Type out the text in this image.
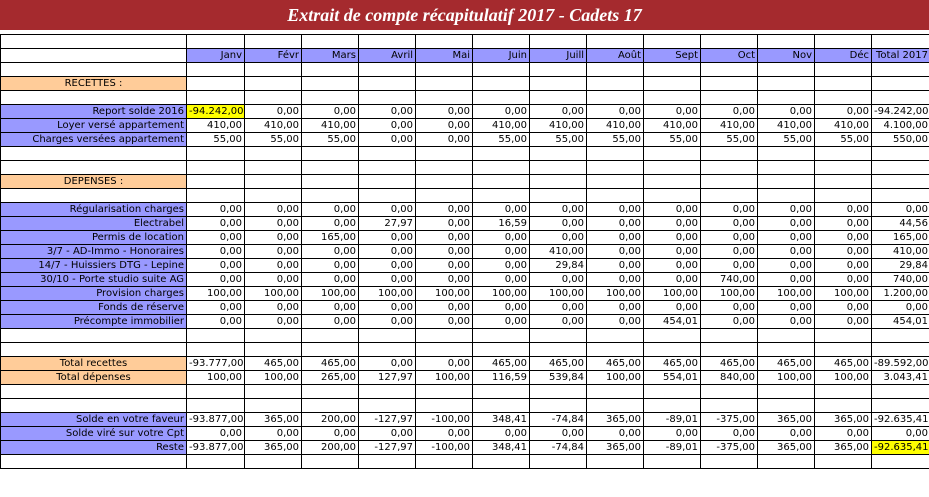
Extrait de compte récapitulatif 2017 - Cadets 17

	Janv	Févr	Mars	Avril	Mai	Juin	Juill	Août	Sept	Oct	Nov	Déc	Total 2017

RECETTES :													

Report solde 2016	-94.242,00	0,00	0,00	0,00	0,00	0,00	0,00	0,00	0,00	0,00	0,00	0,00	-94.242,00
Loyer versé appartement	410,00	410,00	410,00	0,00	0,00	410,00	410,00	410,00	410,00	410,00	410,00	410,00	4.100,00
Charges versées appartement	55,00	55,00	55,00	0,00	0,00	55,00	55,00	55,00	55,00	55,00	55,00	55,00	550,00

DEPENSES :													

Régularisation charges	0,00	0,00	0,00	0,00	0,00	0,00	0,00	0,00	0,00	0,00	0,00	0,00	0,00
Electrabel	0,00	0,00	0,00	27,97	0,00	16,59	0,00	0,00	0,00	0,00	0,00	0,00	44,56
Permis de location	0,00	0,00	165,00	0,00	0,00	0,00	0,00	0,00	0,00	0,00	0,00	0,00	165,00
3/7 - AD-Immo - Honoraires	0,00	0,00	0,00	0,00	0,00	0,00	410,00	0,00	0,00	0,00	0,00	0,00	410,00
14/7 - Huissiers DTG - Lepine	0,00	0,00	0,00	0,00	0,00	0,00	29,84	0,00	0,00	0,00	0,00	0,00	29,84
30/10 - Porte studio suite AG	0,00	0,00	0,00	0,00	0,00	0,00	0,00	0,00	0,00	740,00	0,00	0,00	740,00
Provision charges	100,00	100,00	100,00	100,00	100,00	100,00	100,00	100,00	100,00	100,00	100,00	100,00	1.200,00
Fonds de réserve	0,00	0,00	0,00	0,00	0,00	0,00	0,00	0,00	0,00	0,00	0,00	0,00	0,00
Précompte immobilier	0,00	0,00	0,00	0,00	0,00	0,00	0,00	0,00	454,01	0,00	0,00	0,00	454,01

Total recettes	-93.777,00	465,00	465,00	0,00	0,00	465,00	465,00	465,00	465,00	465,00	465,00	465,00	-89.592,00
Total dépenses	100,00	100,00	265,00	127,97	100,00	116,59	539,84	100,00	554,01	840,00	100,00	100,00	3.043,41

Solde en votre faveur	-93.877,00	365,00	200,00	-127,97	-100,00	348,41	-74,84	365,00	-89,01	-375,00	365,00	365,00	-92.635,41
Solde viré sur votre Cpt	0,00	0,00	0,00	0,00	0,00	0,00	0,00	0,00	0,00	0,00	0,00	0,00	0,00
Reste	-93.877,00	365,00	200,00	-127,97	-100,00	348,41	-74,84	365,00	-89,01	-375,00	365,00	365,00	-92.635,41
